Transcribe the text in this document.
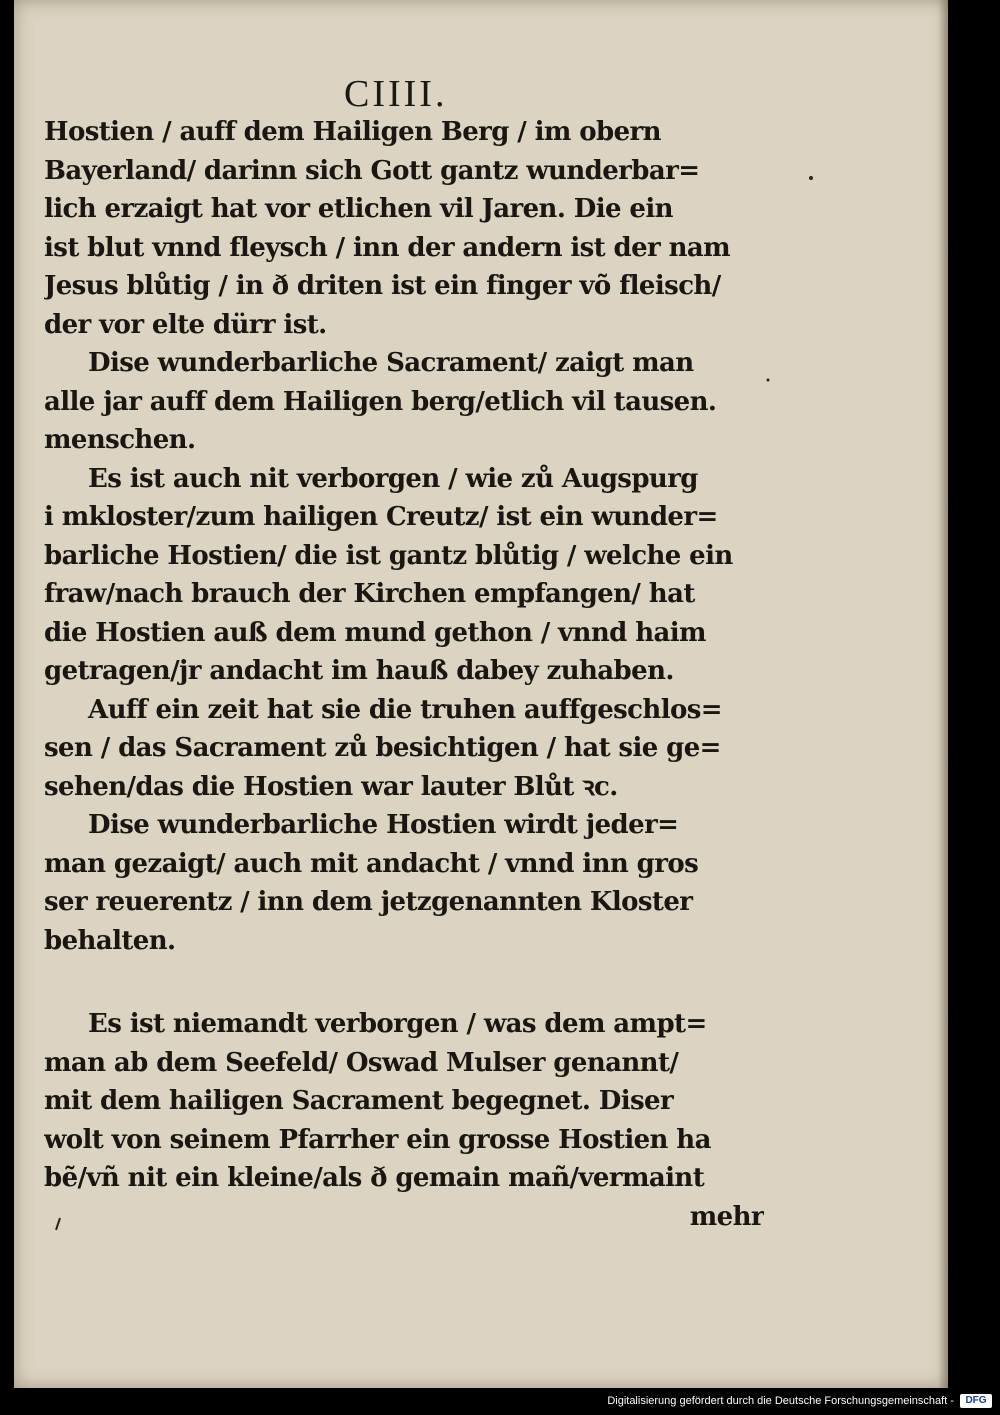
CIIII.
Hostien / auff dem Hailigen Berg / im obern
Bayerland/ darinn sich Gott gantz wunderbar=
lich erzaigt hat vor etlichen vil Jaren. Die ein
ist blut vnnd fleysch / inn der andern ist der nam
Jesus blůtig / in ð driten ist ein finger võ fleisch/
der vor elte dürr ist.
Dise wunderbarliche Sacrament/ zaigt man
alle jar auff dem Hailigen berg/etlich vil tausen.
menschen.
Es ist auch nit verborgen / wie zů Augspurg
i mkloster/zum hailigen Creutz/ ist ein wunder=
barliche Hostien/ die ist gantz blůtig / welche ein
fraw/nach brauch der Kirchen empfangen/ hat
die Hostien auß dem mund gethon / vnnd haim
getragen/jr andacht im hauß dabey zuhaben.
Auff ein zeit hat sie die truhen auffgeschlos=
sen / das Sacrament zů besichtigen / hat sie ge=
sehen/das die Hostien war lauter Blůt ꝛc.
Dise wunderbarliche Hostien wirdt jeder=
man gezaigt/ auch mit andacht / vnnd inn gros
ser reuerentz / inn dem jetzgenannten Kloster
behalten.
Es ist niemandt verborgen / was dem ampt=
man ab dem Seefeld/ Oswad Mulser genannt/
mit dem hailigen Sacrament begegnet. Diser
wolt von seinem Pfarrher ein grosse Hostien ha
bẽ/vñ nit ein kleine/als ð gemain mañ/vermaint
mehr
Digitalisierung gefördert durch die Deutsche Forschungsgemeinschaft -	DFG
